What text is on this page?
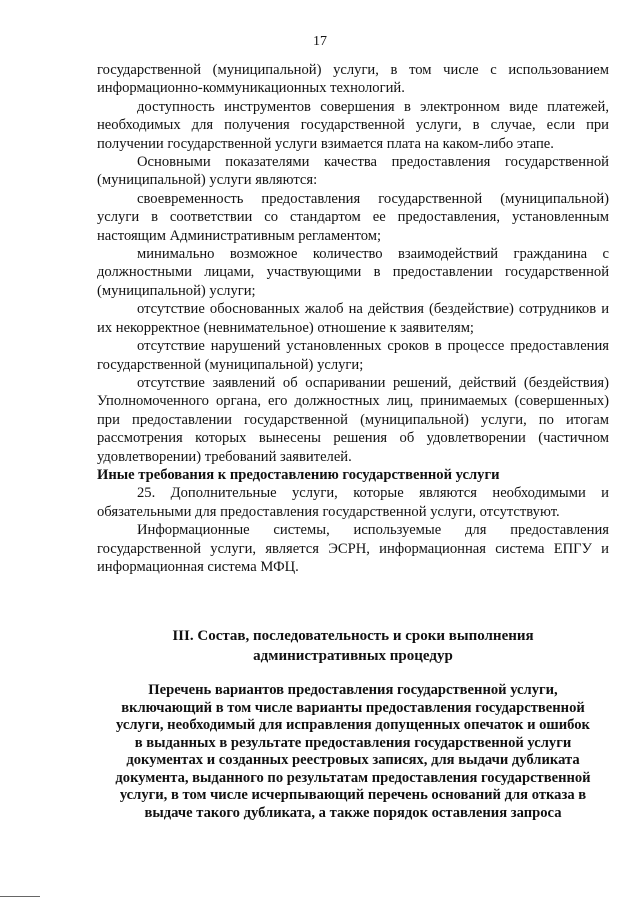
17

государственной (муниципальной) услуги, в том числе с использованием информационно-коммуникационных технологий.

доступность инструментов совершения в электронном виде платежей, необходимых для получения государственной услуги, в случае, если при получении государственной услуги взимается плата на каком-либо этапе.

Основными показателями качества предоставления государственной (муниципальной) услуги являются:

своевременность предоставления государственной (муниципальной) услуги в соответствии со стандартом ее предоставления, установленным настоящим Административным регламентом;

минимально возможное количество взаимодействий гражданина с должностными лицами, участвующими в предоставлении государственной (муниципальной) услуги;

отсутствие обоснованных жалоб на действия (бездействие) сотрудников и их некорректное (невнимательное) отношение к заявителям;

отсутствие нарушений установленных сроков в процессе предоставления государственной (муниципальной) услуги;

отсутствие заявлений об оспаривании решений, действий (бездействия) Уполномоченного органа, его должностных лиц, принимаемых (совершенных) при предоставлении государственной (муниципальной) услуги, по итогам рассмотрения которых вынесены решения об удовлетворении (частичном удовлетворении) требований заявителей.

Иные требования к предоставлению государственной услуги

25. Дополнительные услуги, которые являются необходимыми и обязательными для предоставления государственной услуги, отсутствуют.

Информационные системы, используемые для предоставления государственной услуги, является ЭСРН, информационная система ЕПГУ и информационная система МФЦ.

III. Состав, последовательность и сроки выполнения
административных процедур
Перечень вариантов предоставления государственной услуги,
включающий в том числе варианты предоставления государственной
услуги, необходимый для исправления допущенных опечаток и ошибок
в выданных в результате предоставления государственной услуги
документах и созданных реестровых записях, для выдачи дубликата
документа, выданного по результатам предоставления государственной
услуги, в том числе исчерпывающий перечень оснований для отказа в
выдаче такого дубликата, а также порядок оставления запроса
